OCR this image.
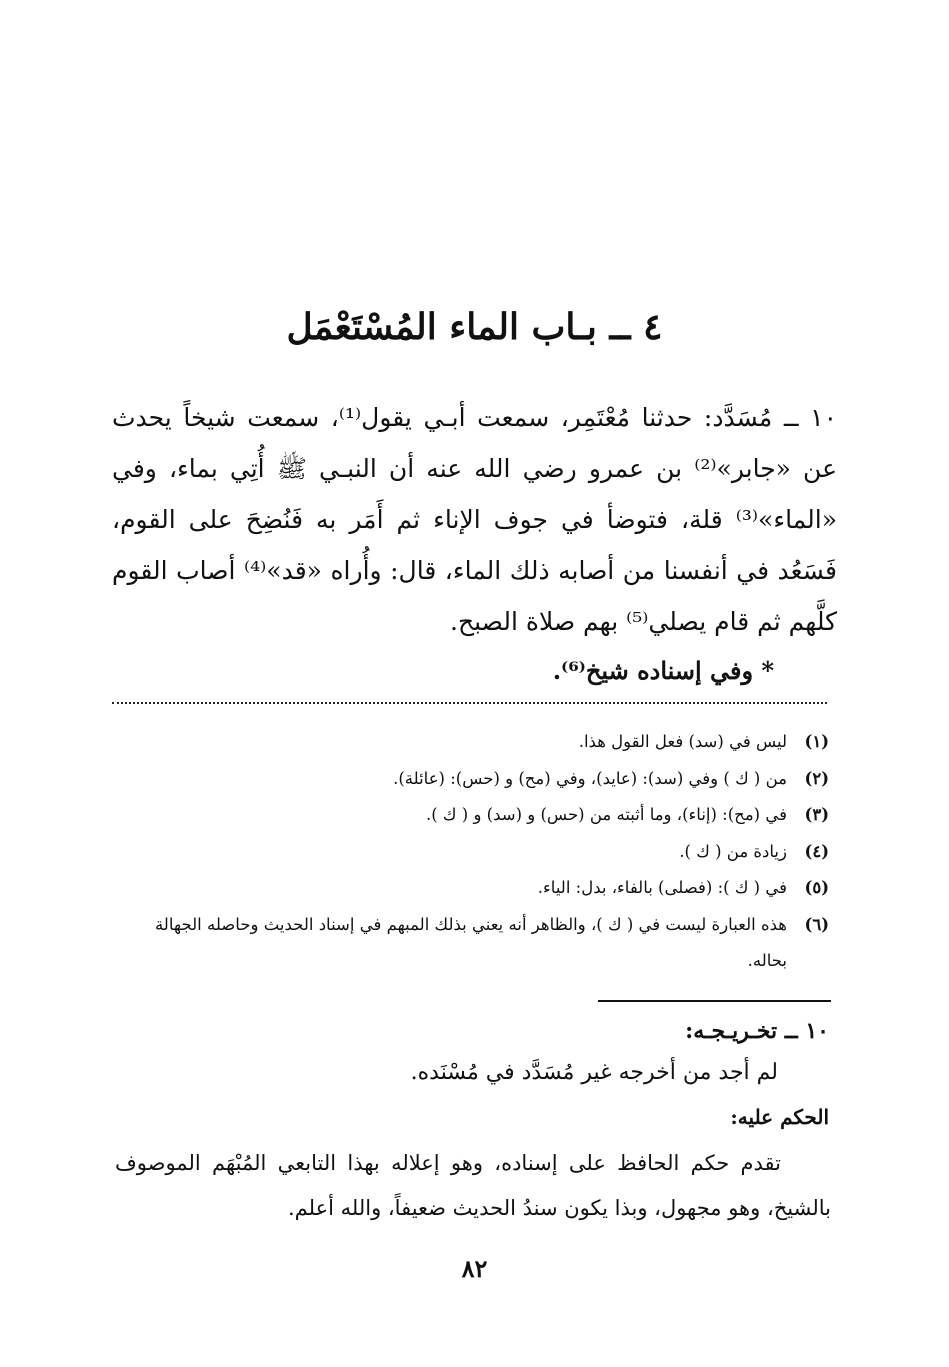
٤ ــ بـاب الماء المُسْتَعْمَل

١٠ ــ مُسَدَّد: حدثنا مُعْتَمِر، سمعت أبـي يقول⁽¹⁾، سمعت شيخاً يحدث عن «جابر»⁽²⁾ بن عمرو رضي الله عنه أن النبـي ﷺ أُتِي بماء، وفي «الماء»⁽³⁾ قلة، فتوضأ في جوف الإناء ثم أَمَر به فَنُضِحَ على القوم، فَسَعُد في أنفسنا من أصابه ذلك الماء، قال: وأُراه «قد»⁽⁴⁾ أصاب القوم كلَّهم ثم قام يصلي⁽⁵⁾ بهم صلاة الصبح.

* وفي إسناده شيخ⁽⁶⁾.
(١)
ليس في (سد) فعل القول هذا.
(٢)
من ( ك ) وفي (سد): (عايد)، وفي (مح) و (حس): (عائلة).
(٣)
في (مح): (إناء)، وما أثبته من (حس) و (سد) و ( ك ).
(٤)
زيادة من ( ك ).
(٥)
في ( ك ): (فصلى) بالفاء، بدل: الياء.
(٦)
هذه العبارة ليست في ( ك )، والظاهر أنه يعني بذلك المبهم في إسناد الحديث وحاصله الجهالة بحاله.
١٠ ــ تخـريـجـه:
لم أجد من أخرجه غير مُسَدَّد في مُسْنَده.
الحكم عليه:

تقدم حكم الحافظ على إسناده، وهو إعلاله بهذا التابعي المُبْهَم الموصوف بالشيخ، وهو مجهول، وبذا يكون سندُ الحديث ضعيفاً، والله أعلم.

٨٢
